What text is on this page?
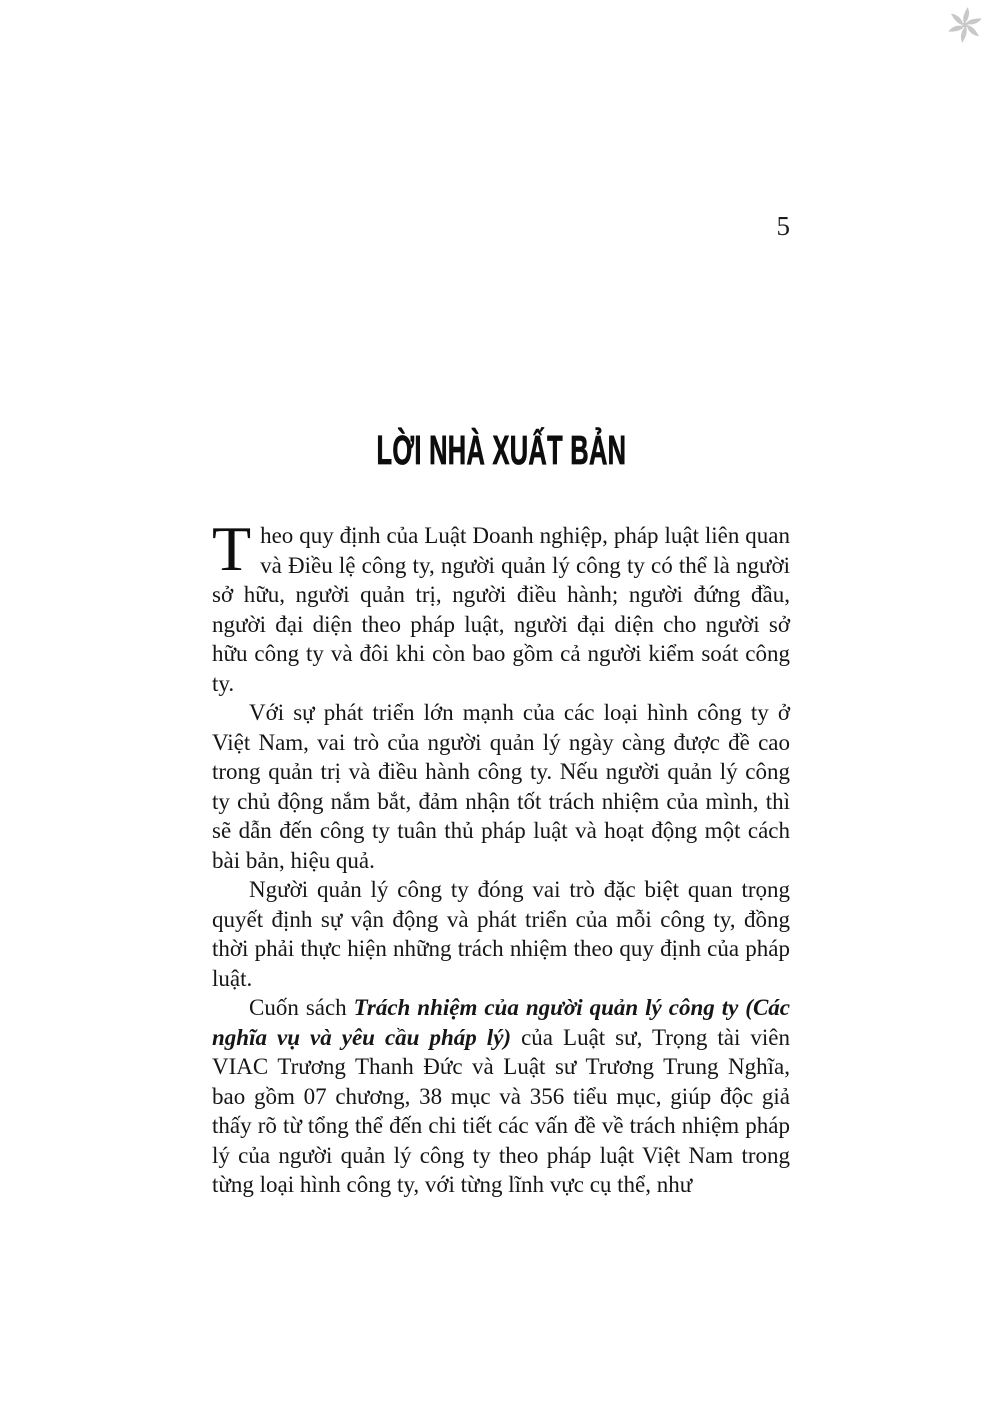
5
LỜI NHÀ XUẤT BẢN

Theo quy định của Luật Doanh nghiệp, pháp luật liên quan và Điều lệ công ty, người quản lý công ty có thể là người sở hữu, người quản trị, người điều hành; người đứng đầu, người đại diện theo pháp luật, người đại diện cho người sở hữu công ty và đôi khi còn bao gồm cả người kiểm soát công ty.

Với sự phát triển lớn mạnh của các loại hình công ty ở Việt Nam, vai trò của người quản lý ngày càng được đề cao trong quản trị và điều hành công ty. Nếu người quản lý công ty chủ động nắm bắt, đảm nhận tốt trách nhiệm của mình, thì sẽ dẫn đến công ty tuân thủ pháp luật và hoạt động một cách bài bản, hiệu quả.

Người quản lý công ty đóng vai trò đặc biệt quan trọng quyết định sự vận động và phát triển của mỗi công ty, đồng thời phải thực hiện những trách nhiệm theo quy định của pháp luật.

Cuốn sách Trách nhiệm của người quản lý công ty (Các nghĩa vụ và yêu cầu pháp lý) của Luật sư, Trọng tài viên VIAC Trương Thanh Đức và Luật sư Trương Trung Nghĩa, bao gồm 07 chương, 38 mục và 356 tiểu mục, giúp độc giả thấy rõ từ tổng thể đến chi tiết các vấn đề về trách nhiệm pháp lý của người quản lý công ty theo pháp luật Việt Nam trong từng loại hình công ty, với từng lĩnh vực cụ thể, như
